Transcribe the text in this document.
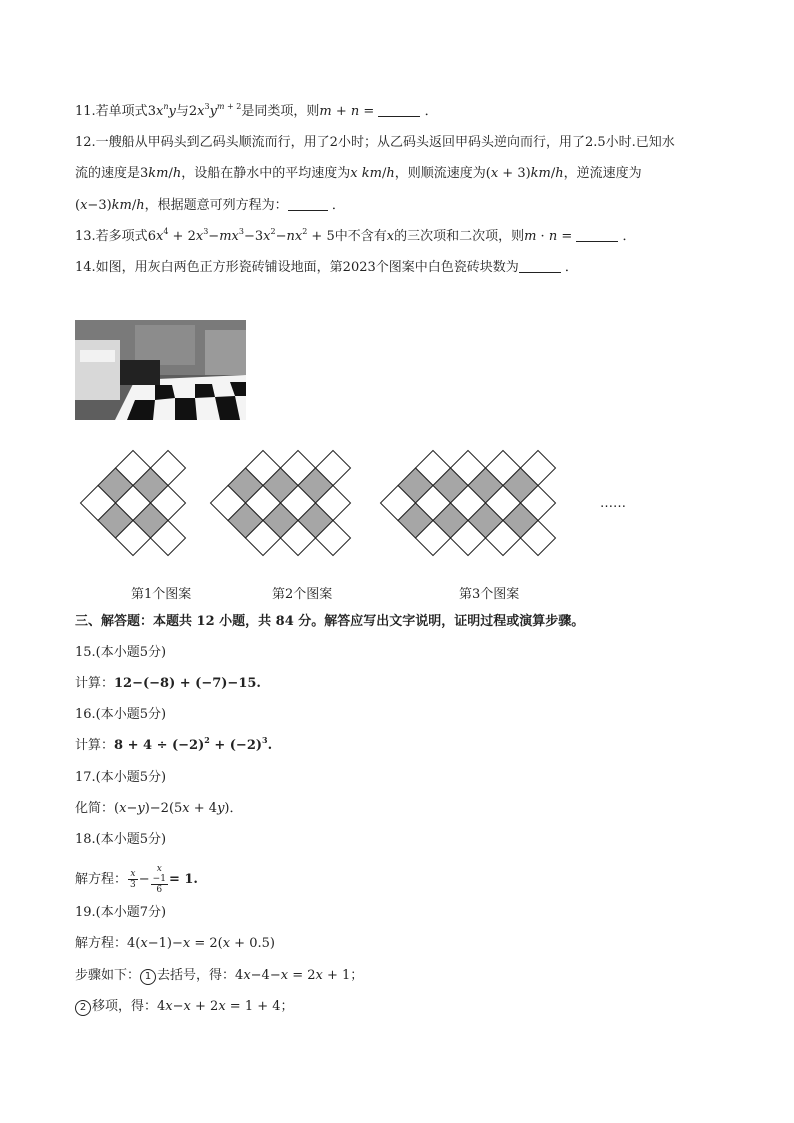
11.若单项式$3x^ny$与$2x^3y^{m + 2}$是同类项，则m + n =	．
12.一艘船从甲码头到乙码头顺流而行，用了2小时；从乙码头返回甲码头逆向而行，用了2.5小时.已知水
流的速度是3km/h，设船在静水中的平均速度为x km/h，则顺流速度为(x + 3)km/h，逆流速度为
(x−3)km/h，根据题意可列方程为：	．
13.若多项式$6x^4 + 2x^3-mx^3-3x^2-nx^2 + 5$中不含有x的三次项和二次项，则m · n =	．
14.如图，用灰白两色正方形瓷砖铺设地面，第2023个图案中白色瓷砖块数为	．
……
第1个图案	第2个图案	第3个图案
三、解答题：本题共 12 小题，共 84 分。解答应写出文字说明，证明过程或演算步骤。
15.(本小题5分)
计算：12−(−8) + (−7)−15.
16.(本小题5分)
计算：$8 + 4 \div (-2)^2 + (-2)^3$.
17.(本小题5分)
化简：(x−y)−2(5x + 4y)．
18.(本小题5分)
解方程： $\frac{x}{3} - x$
−1
6 = 1.
19.(本小题7分)
解方程：4(x−1)−x = 2(x + 0.5)
步骤如下： 1 去括号，得：4x−4−x = 2x + 1；
2 移项，得：4x−x + 2x = 1 + 4；
